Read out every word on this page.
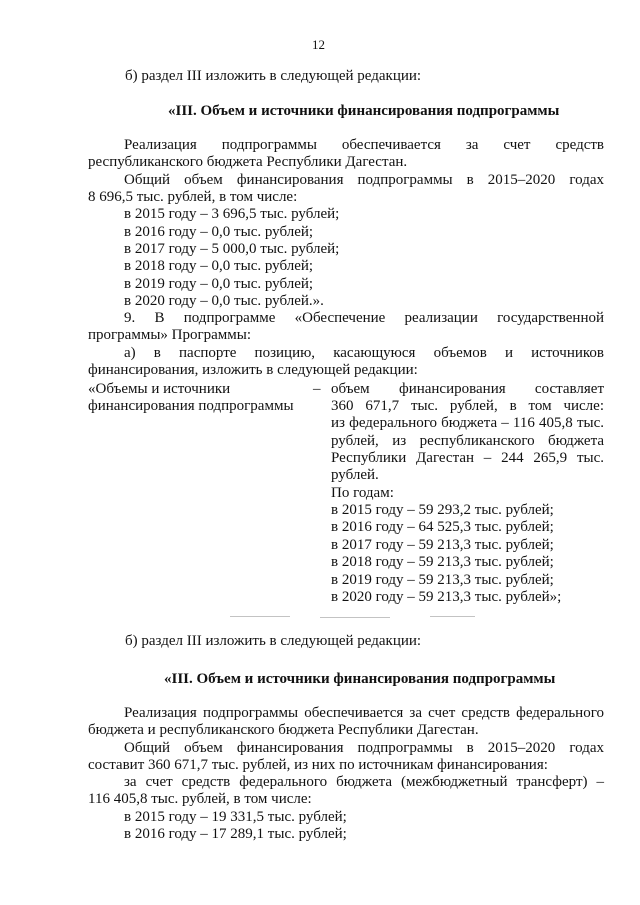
12
б) раздел III изложить в следующей редакции:
«III. Объем и источники финансирования подпрограммы
Реализация подпрограммы обеспечивается за счет средств
республиканского бюджета Республики Дагестан.
Общий объем финансирования подпрограммы в 2015–2020 годах
8 696,5 тыс. рублей, в том числе:
в 2015 году – 3 696,5 тыс. рублей;
в 2016 году – 0,0 тыс. рублей;
в 2017 году – 5 000,0 тыс. рублей;
в 2018 году – 0,0 тыс. рублей;
в 2019 году – 0,0 тыс. рублей;
в 2020 году – 0,0 тыс. рублей.».
9. В подпрограмме «Обеспечение реализации государственной
программы» Программы:
а) в паспорте позицию, касающуюся объемов и источников
финансирования, изложить в следующей редакции:
«Объемы и источники
финансирования подпрограммы
– объем финансирования составляет
360 671,7 тыс. рублей, в том числе:
из федерального бюджета – 116 405,8 тыс.
рублей, из республиканского бюджета
Республики Дагестан – 244 265,9 тыс.
рублей.
По годам:
в 2015 году – 59 293,2 тыс. рублей;
в 2016 году – 64 525,3 тыс. рублей;
в 2017 году – 59 213,3 тыс. рублей;
в 2018 году – 59 213,3 тыс. рублей;
в 2019 году – 59 213,3 тыс. рублей;
в 2020 году – 59 213,3 тыс. рублей»;
б) раздел III изложить в следующей редакции:
«III. Объем и источники финансирования подпрограммы
Реализация подпрограммы обеспечивается за счет средств федерального
бюджета и республиканского бюджета Республики Дагестан.
Общий объем финансирования подпрограммы в 2015–2020 годах
составит 360 671,7 тыс. рублей, из них по источникам финансирования:
за счет средств федерального бюджета (межбюджетный трансферт) –
116 405,8 тыс. рублей, в том числе:
в 2015 году – 19 331,5 тыс. рублей;
в 2016 году – 17 289,1 тыс. рублей;
